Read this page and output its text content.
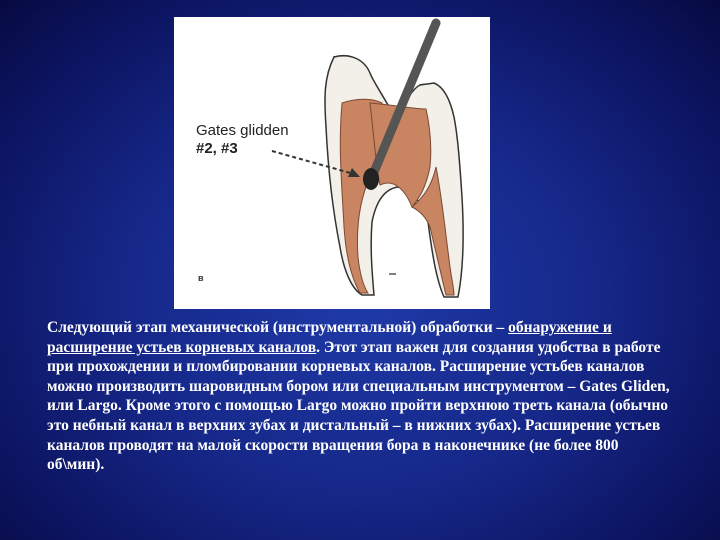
Gates glidden
#2, #3
в
Следующий этап механической (инструментальной) обработки – обнаружение и расширение устьев корневых каналов. Этот этап важен для создания удобства в работе при прохождении и пломбировании корневых каналов. Расширение устьбев каналов можно производить шаровидным бором или специальным инструментом – Gates Gliden, или Largo. Кроме этого с помощью Largo можно пройти верхнюю треть канала (обычно это небный канал в верхних зубах и дистальный – в нижних зубах). Расширение устьев каналов проводят на малой скорости вращения бора в наконечнике (не более 800 об\мин).
